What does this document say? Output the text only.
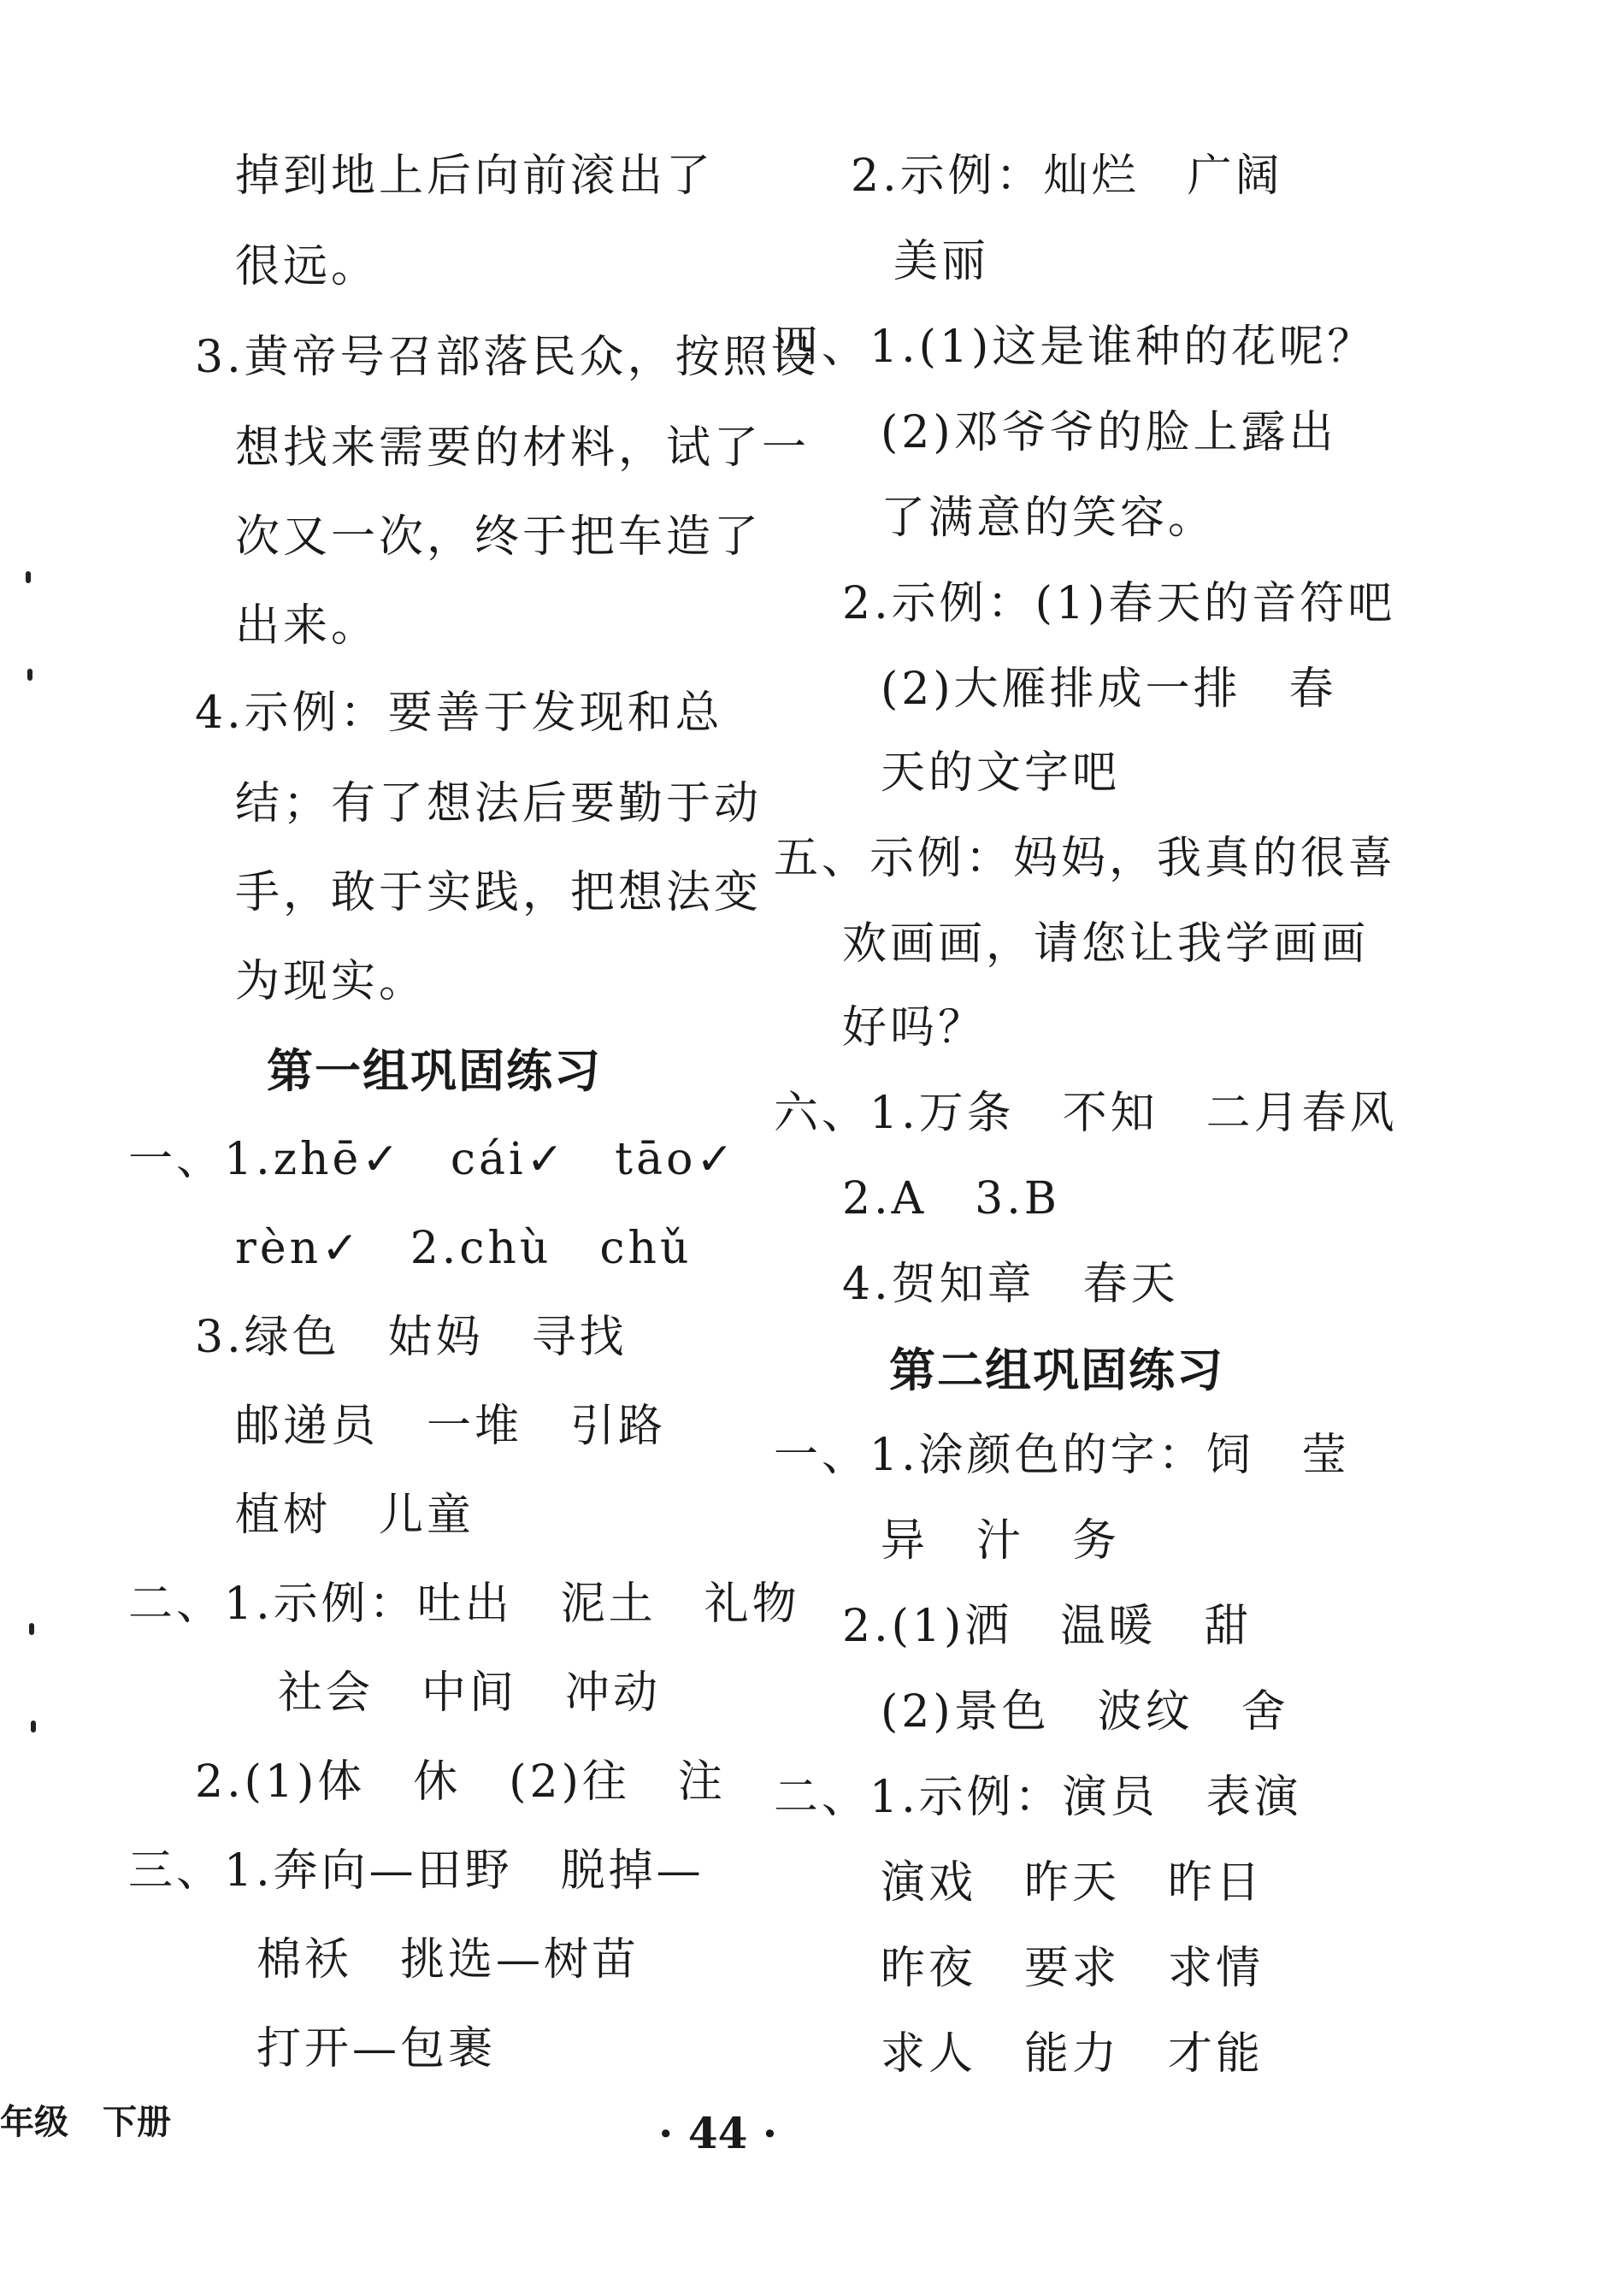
掉到地上后向前滚出了
很远。
3.黄帝号召部落民众，按照设
想找来需要的材料，试了一
次又一次，终于把车造了
出来。
4.示例：要善于发现和总
结；有了想法后要勤于动
手，敢于实践，把想法变
为现实。
第一组巩固练习
一、1.zhē✓　cái✓　tāo✓
rèn✓　2.chù　chǔ
3.绿色　姑妈　寻找
邮递员　一堆　引路
植树　儿童
二、1.示例：吐出　泥土　礼物
社会　中间　冲动
2.(1)体　休　(2)往　注
三、1.奔向—田野　脱掉—
棉袄　挑选—树苗
打开—包裹
2.示例：灿烂　广阔
美丽
四、1.(1)这是谁种的花呢？
(2)邓爷爷的脸上露出
了满意的笑容。
2.示例：(1)春天的音符吧
(2)大雁排成一排　春
天的文字吧
五、示例：妈妈，我真的很喜
欢画画，请您让我学画画
好吗？
六、1.万条　不知　二月春风
2.A　3.B
4.贺知章　春天
第二组巩固练习
一、1.涂颜色的字：饲　莹
异　汁　务
2.(1)洒　温暖　甜
(2)景色　波纹　舍
二、1.示例：演员　表演
演戏　昨天　昨日
昨夜　要求　求情
求人　能力　才能
年级　下册	· 44 ·
